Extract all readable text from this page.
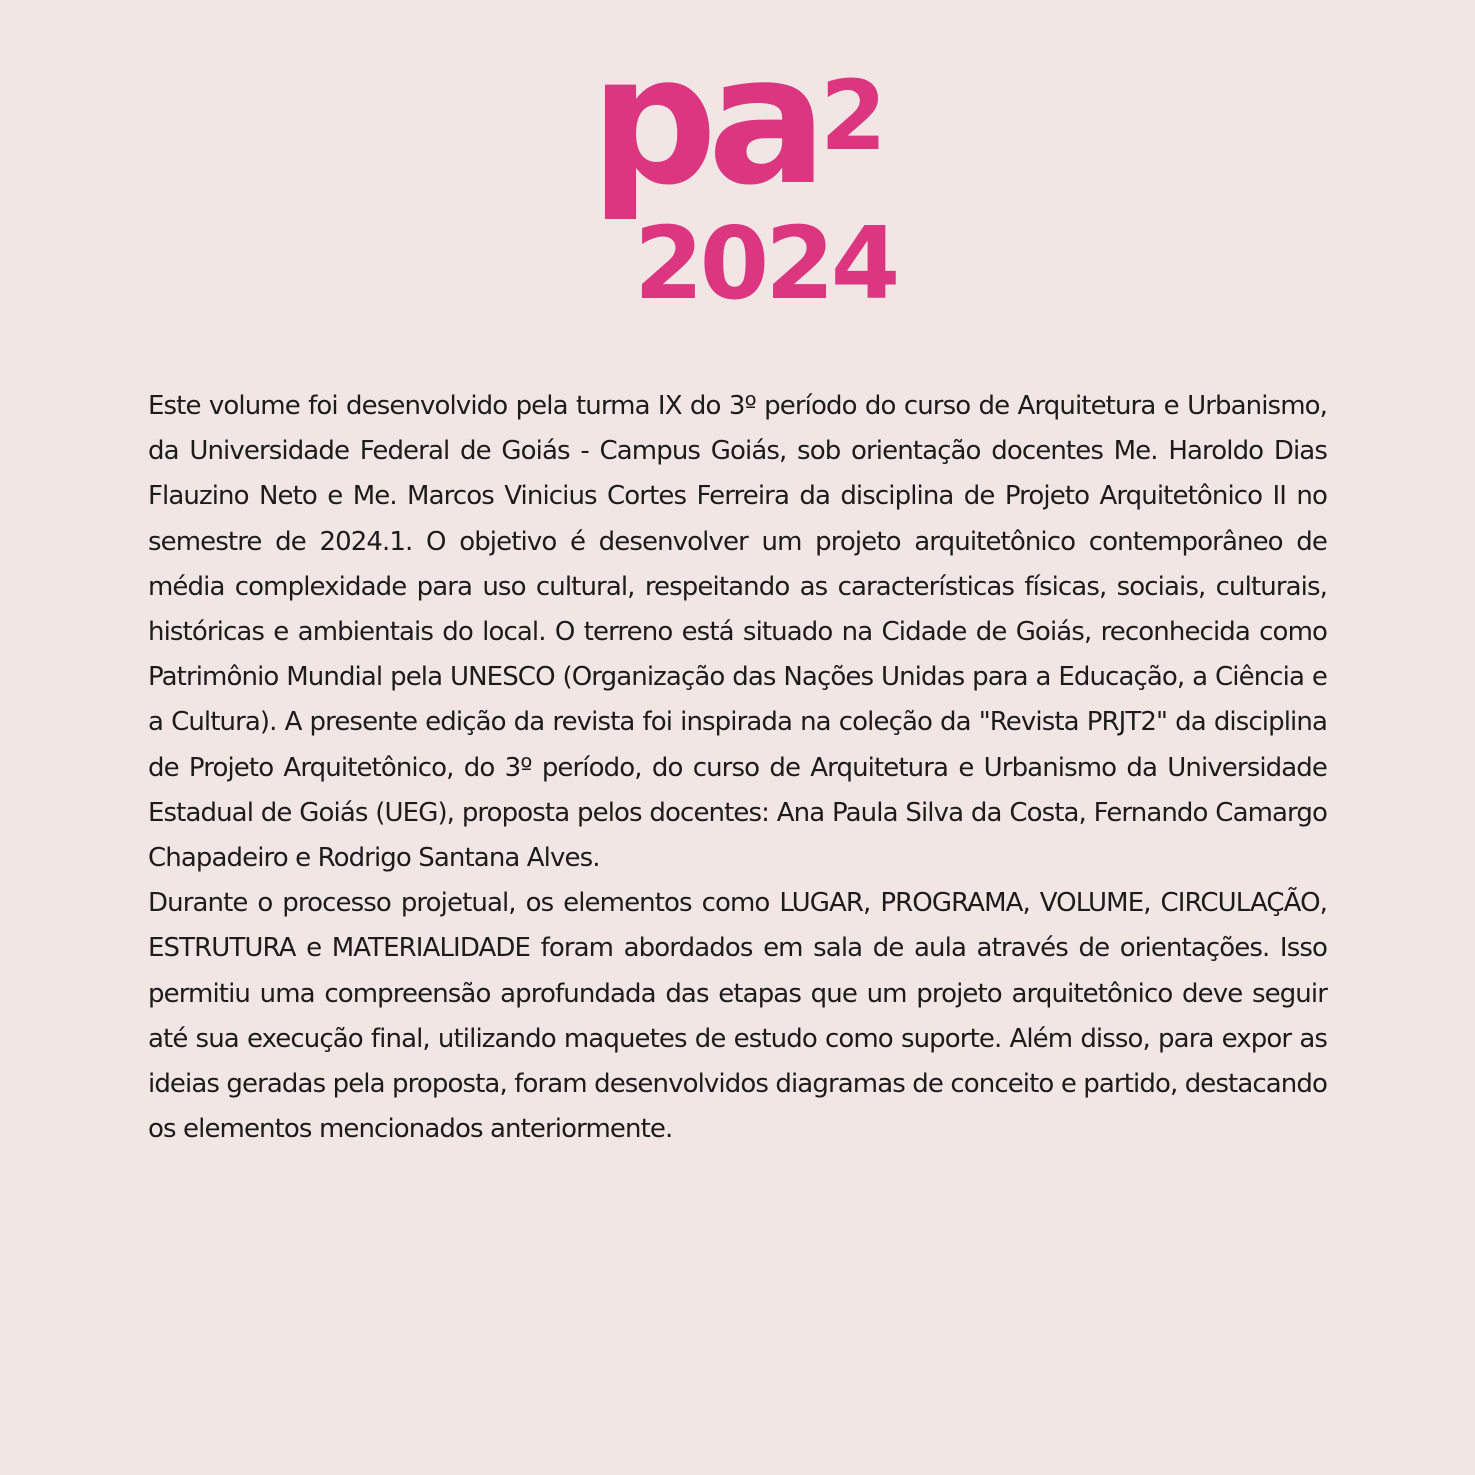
pa 2
2024

Este volume foi desenvolvido pela turma IX do 3º período do curso de Arquitetura e Urbanismo, da Universidade Federal de Goiás - Campus Goiás, sob orientação docentes Me. Haroldo Dias Flauzino Neto e Me. Marcos Vinicius Cortes Ferreira da disciplina de Projeto Arquitetônico II no semestre de 2024.1. O objetivo é desenvolver um projeto arquitetônico contemporâneo de média complexidade para uso cultural, respeitando as características físicas, sociais, culturais, históricas e ambientais do local. O terreno está situado na Cidade de Goiás, reconhecida como Patrimônio Mundial pela UNESCO (Organização das Nações Unidas para a Educação, a Ciência e a Cultura). A presente edição da revista foi inspirada na coleção da "Revista PRJT2" da disciplina de Projeto Arquitetônico, do 3º período, do curso de Arquitetura e Urbanismo da Universidade Estadual de Goiás (UEG), proposta pelos docentes: Ana Paula Silva da Costa, Fernando Camargo Chapadeiro e Rodrigo Santana Alves.

Durante o processo projetual, os elementos como LUGAR, PROGRAMA, VOLUME, CIRCULAÇÃO, ESTRUTURA e MATERIALIDADE foram abordados em sala de aula através de orientações. Isso permitiu uma compreensão aprofundada das etapas que um projeto arquitetônico deve seguir até sua execução final, utilizando maquetes de estudo como suporte. Além disso, para expor as ideias geradas pela proposta, foram desenvolvidos diagramas de conceito e partido, destacando os elementos mencionados anteriormente.
